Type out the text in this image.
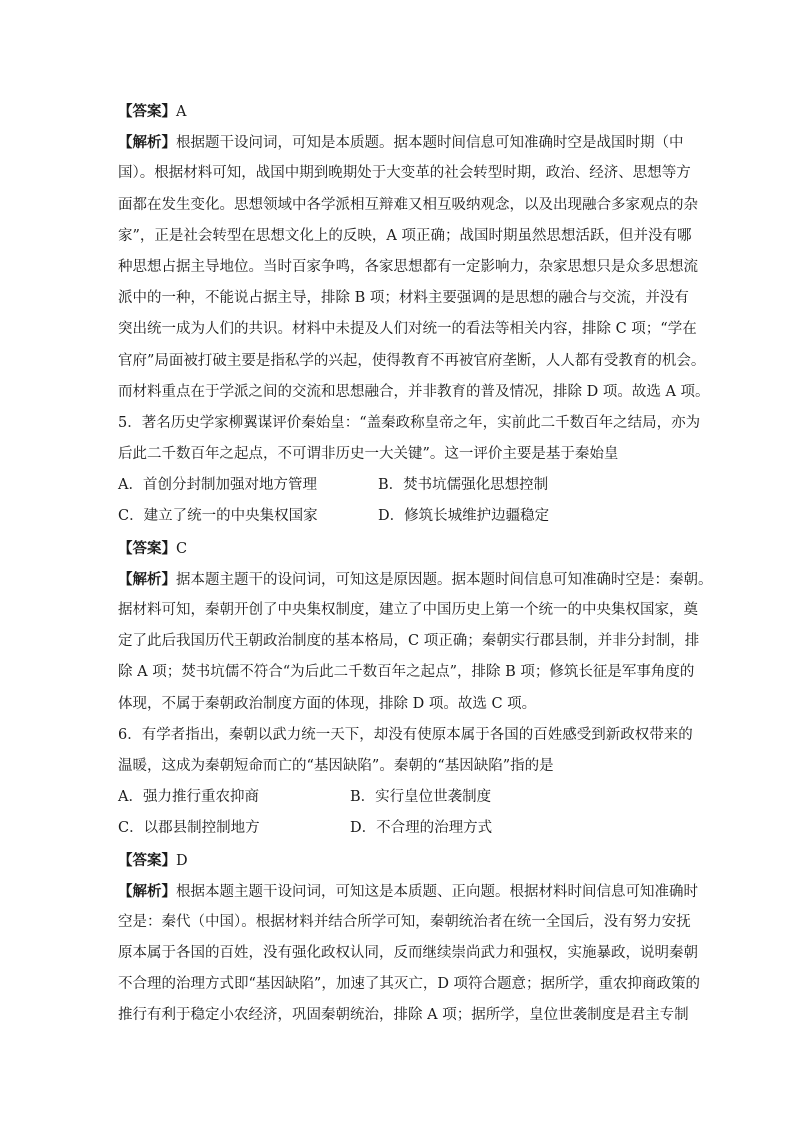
【答案】A
【解析】根据题干设问词，可知是本质题。据本题时间信息可知准确时空是战国时期（中
国）。根据材料可知，战国中期到晚期处于大变革的社会转型时期，政治、经济、思想等方
面都在发生变化。思想领域中各学派相互辩难又相互吸纳观念，以及出现融合多家观点的杂
家”，正是社会转型在思想文化上的反映，A 项正确；战国时期虽然思想活跃，但并没有哪
种思想占据主导地位。当时百家争鸣，各家思想都有一定影响力，杂家思想只是众多思想流
派中的一种，不能说占据主导，排除 B 项；材料主要强调的是思想的融合与交流，并没有
突出统一成为人们的共识。材料中未提及人们对统一的看法等相关内容，排除 C 项；“学在
官府”局面被打破主要是指私学的兴起，使得教育不再被官府垄断，人人都有受教育的机会。
而材料重点在于学派之间的交流和思想融合，并非教育的普及情况，排除 D 项。故选 A 项。
5．著名历史学家柳翼谋评价秦始皇：“盖秦政称皇帝之年，实前此二千数百年之结局，亦为
后此二千数百年之起点，不可谓非历史一大关键”。这一评价主要是基于秦始皇
A．首创分封制加强对地方管理	B．焚书坑儒强化思想控制
C．建立了统一的中央集权国家	D．修筑长城维护边疆稳定
【答案】C
【解析】据本题主题干的设问词，可知这是原因题。据本题时间信息可知准确时空是：秦朝。
据材料可知，秦朝开创了中央集权制度，建立了中国历史上第一个统一的中央集权国家，奠
定了此后我国历代王朝政治制度的基本格局，C 项正确；秦朝实行郡县制，并非分封制，排
除 A 项；焚书坑儒不符合“为后此二千数百年之起点”，排除 B 项；修筑长征是军事角度的
体现，不属于秦朝政治制度方面的体现，排除 D 项。故选 C 项。
6．有学者指出，秦朝以武力统一天下，却没有使原本属于各国的百姓感受到新政权带来的
温暖，这成为秦朝短命而亡的“基因缺陷”。秦朝的“基因缺陷”指的是
A．强力推行重农抑商	B．实行皇位世袭制度
C．以郡县制控制地方	D．不合理的治理方式
【答案】D
【解析】根据本题主题干设问词，可知这是本质题、正向题。根据材料时间信息可知准确时
空是：秦代（中国）。根据材料并结合所学可知，秦朝统治者在统一全国后，没有努力安抚
原本属于各国的百姓，没有强化政权认同，反而继续崇尚武力和强权，实施暴政，说明秦朝
不合理的治理方式即“基因缺陷”，加速了其灭亡，D 项符合题意；据所学，重农抑商政策的
推行有利于稳定小农经济，巩固秦朝统治，排除 A 项；据所学，皇位世袭制度是君主专制
